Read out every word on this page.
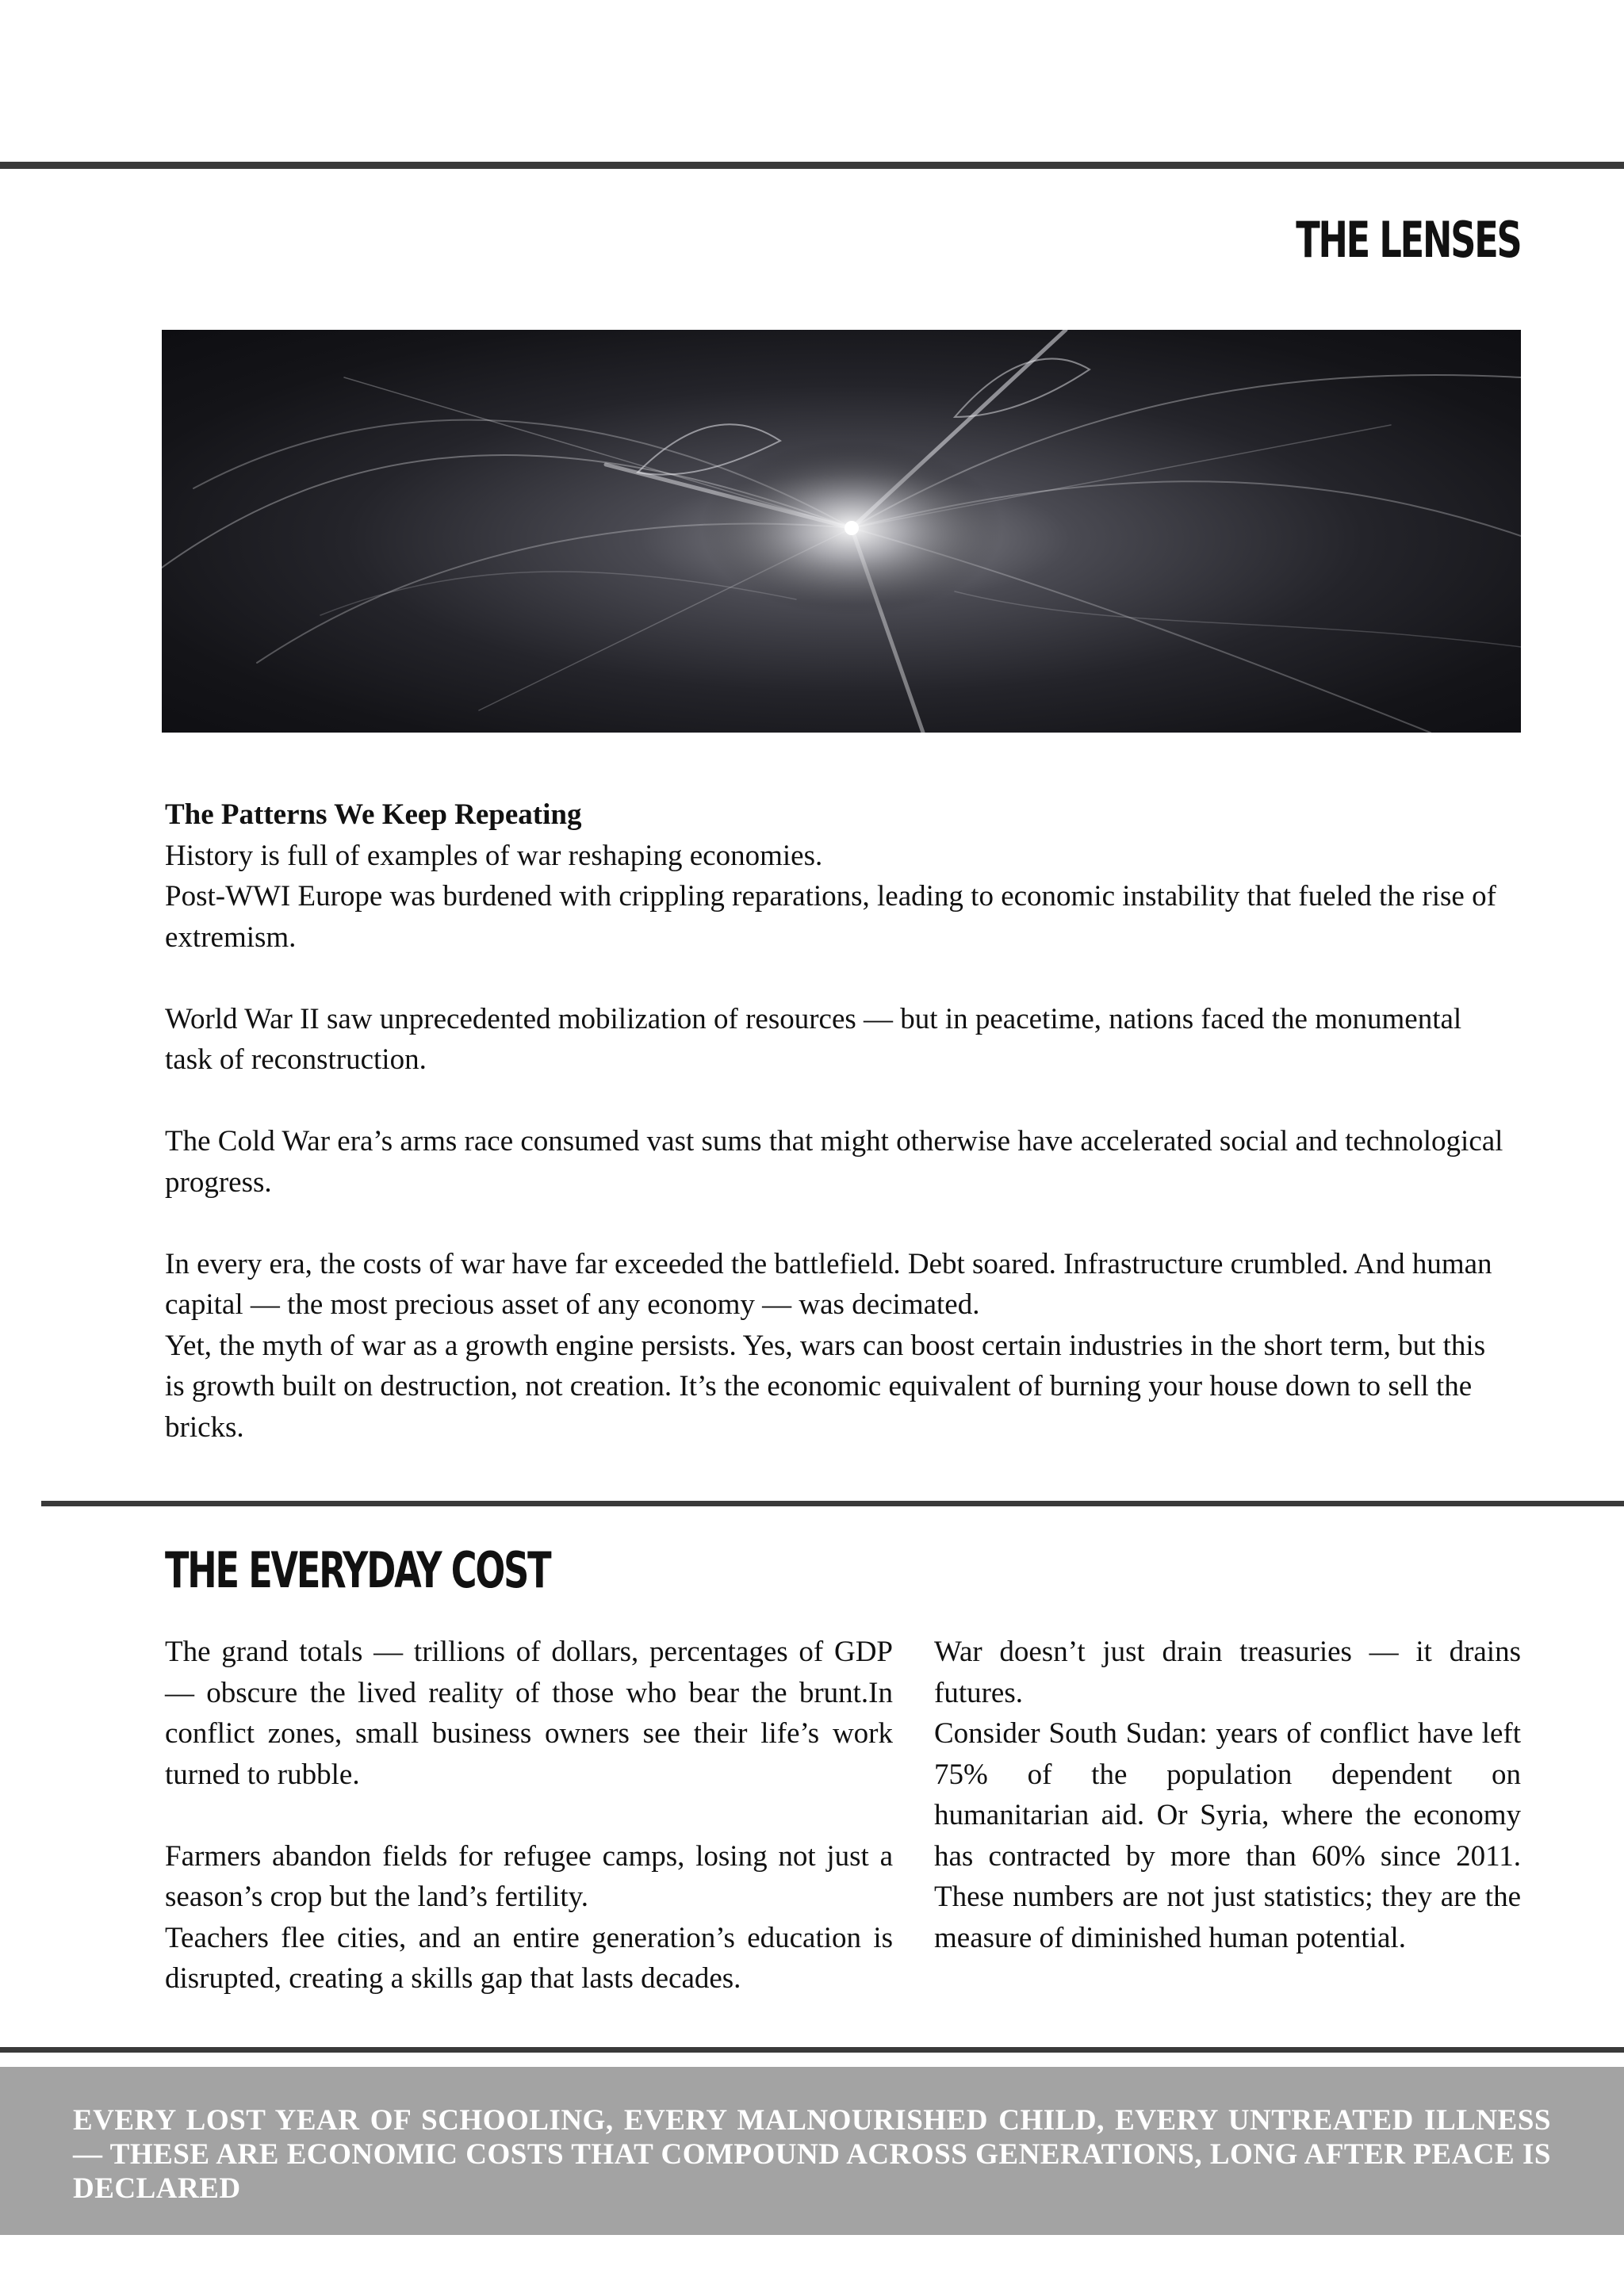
THE LENSES

The Patterns We Keep Repeating

History is full of examples of war reshaping economies.

Post-WWI Europe was burdened with crippling reparations, leading to economic instability that fueled the rise of extremism.

World War II saw unprecedented mobilization of resources — but in peacetime, nations faced the monumental task of reconstruction.

The Cold War era’s arms race consumed vast sums that might otherwise have accelerated social and technological progress.

In every era, the costs of war have far exceeded the battlefield. Debt soared. Infrastructure crumbled. And human capital — the most precious asset of any economy — was decimated.

Yet, the myth of war as a growth engine persists. Yes, wars can boost certain industries in the short term, but this is growth built on destruction, not creation. It’s the economic equivalent of burning your house down to sell the bricks.

THE EVERYDAY COST

The grand totals — trillions of dollars, percentages of GDP — obscure the lived reality of those who bear the brunt.In conflict zones, small business owners see their life’s work turned to rubble.

Farmers abandon fields for refugee camps, losing not just a season’s crop but the land’s fertility.

Teachers flee cities, and an entire generation’s education is disrupted, creating a skills gap that lasts decades.

War doesn’t just drain treasuries — it drains futures.

Consider South Sudan: years of conflict have left 75% of the population dependent on humanitarian aid. Or Syria, where the economy has contracted by more than 60% since 2011. These numbers are not just statistics; they are the measure of diminished human potential.

EVERY LOST YEAR OF SCHOOLING, EVERY MALNOURISHED CHILD, EVERY UNTREATED ILLNESS — THESE ARE ECONOMIC COSTS THAT COMPOUND ACROSS GENERATIONS, LONG AFTER PEACE IS DECLARED
